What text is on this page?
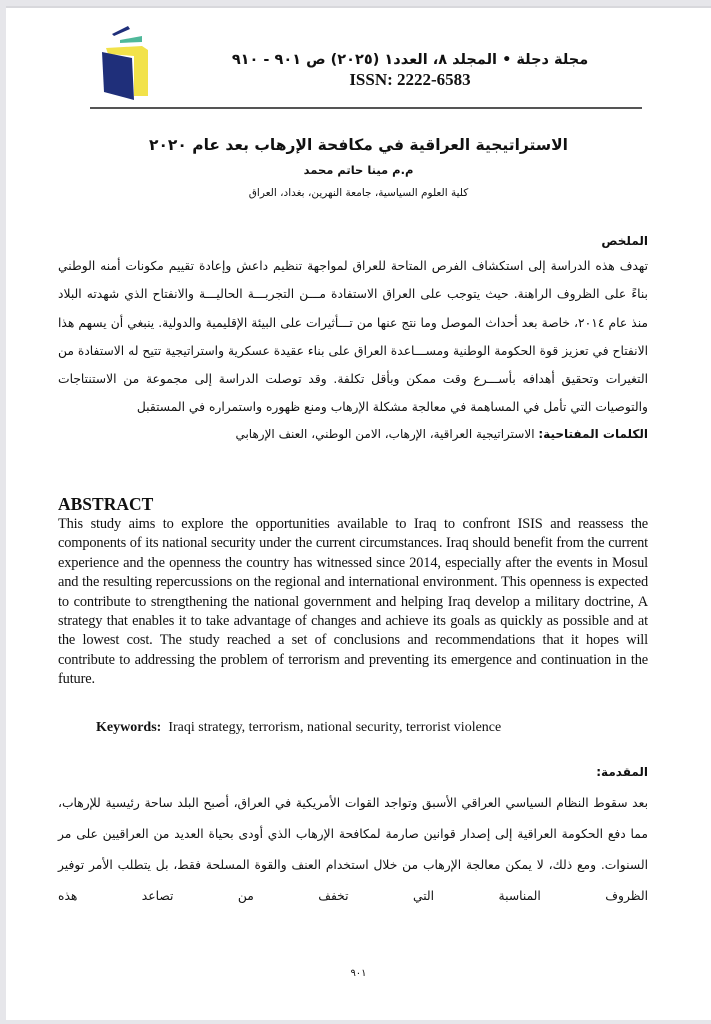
مجلة دجلة • المجلد ٨، العدد١ (٢٠٢٥) ص ٩٠١ - ٩١٠
ISSN: 2222-6583
الاستراتيجية العراقية في مكافحة الإرهاب بعد عام ٢٠٢٠
م.م مينا حاتم محمد
كلية العلوم السياسية، جامعة النهرين، بغداد، العراق
الملخص
تهدف هذه الدراسة إلى استكشاف الفرص المتاحة للعراق لمواجهة تنظيم داعش وإعادة تقييم مكونات أمنه الوطني بناءً على الظروف الراهنة. حيث يتوجب على العراق الاستفادة مـــن التجربـــة الحاليـــة والانفتاح الذي شهدته البلاد منذ عام ٢٠١٤، خاصة بعد أحداث الموصل وما نتج عنها من تـــأثيرات على البيئة الإقليمية والدولية. ينبغي أن يسهم هذا الانفتاح في تعزيز قوة الحكومة الوطنية ومســـاعدة العراق على بناء عقيدة عسكرية واستراتيجية تتيح له الاستفادة من التغيرات وتحقيق أهدافه بأســـرع وقت ممكن وبأقل تكلفة. وقد توصلت الدراسة إلى مجموعة من الاستنتاجات والتوصيات التي تأمل في المساهمة في معالجة مشكلة الإرهاب ومنع ظهوره واستمراره في المستقبل
الكلمات المفتاحية: الاستراتيجية العراقية، الإرهاب، الامن الوطني، العنف الإرهابي
ABSTRACT
This study aims to explore the opportunities available to Iraq to confront ISIS and reassess the components of its national security under the current circumstances. Iraq should benefit from the current experience and the openness the country has witnessed since 2014, especially after the events in Mosul and the resulting repercussions on the regional and international environment. This openness is expected to contribute to strengthening the national government and helping Iraq develop a military doctrine, A strategy that enables it to take advantage of changes and achieve its goals as quickly as possible and at the lowest cost. The study reached a set of conclusions and recommendations that it hopes will contribute to addressing the problem of terrorism and preventing its emergence and continuation in the future.
Keywords: Iraqi strategy, terrorism, national security, terrorist violence
المقدمة:
بعد سقوط النظام السياسي العراقي الأسبق وتواجد القوات الأمريكية في العراق، أصبح البلد ساحة رئيسية للإرهاب، مما دفع الحكومة العراقية إلى إصدار قوانين صارمة لمكافحة الإرهاب الذي أودى بحياة العديد من العراقيين على مر السنوات. ومع ذلك، لا يمكن معالجة الإرهاب من خلال استخدام العنف والقوة المسلحة فقط، بل يتطلب الأمر توفير الظروف المناسبة التي تخفف من تصاعد هذه
٩٠١
